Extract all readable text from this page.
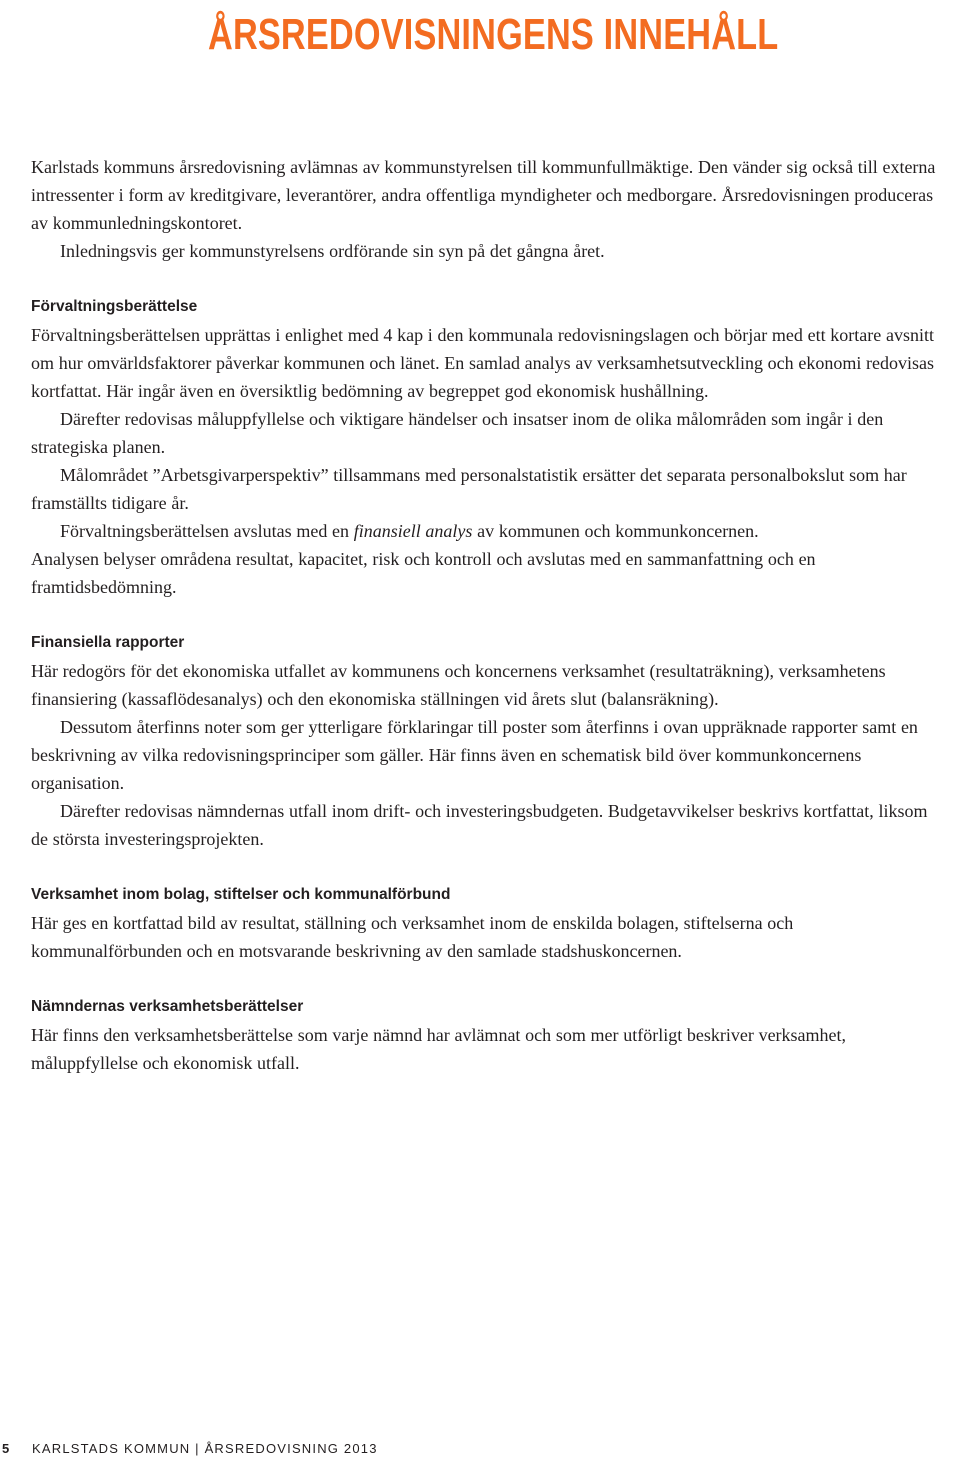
ÅRSREDOVISNINGENS INNEHÅLL

Karlstads kommuns årsredovisning avlämnas av kommunstyrelsen till kommunfullmäktige. Den vänder sig också till externa intressenter i form av kreditgivare, leverantörer, andra offentliga myndigheter och medborgare. Årsredovisningen produceras av kommunledningskontoret.

Inledningsvis ger kommunstyrelsens ordförande sin syn på det gångna året.

Förvaltningsberättelse

Förvaltningsberättelsen upprättas i enlighet med 4 kap i den kommunala redovisningslagen och börjar med ett kortare avsnitt om hur omvärldsfaktorer påverkar kommunen och länet. En samlad analys av verksamhetsutveckling och ekonomi redovisas kortfattat. Här ingår även en översiktlig bedömning av begreppet god ekonomisk hushållning.

Därefter redovisas måluppfyllelse och viktigare händelser och insatser inom de olika målområden som ingår i den strategiska planen.

Målområdet ”Arbetsgivarperspektiv” tillsammans med personalstatistik ersätter det separata personalbokslut som har framställts tidigare år.

Förvaltningsberättelsen avslutas med en finansiell analys av kommunen och kommunkoncernen.

Analysen belyser områdena resultat, kapacitet, risk och kontroll och avslutas med en sammanfattning och en framtidsbedömning.

Finansiella rapporter

Här redogörs för det ekonomiska utfallet av kommunens och koncernens verksamhet (resultaträkning), verksamhetens finansiering (kassaflödesanalys) och den ekonomiska ställningen vid årets slut (balansräkning).

Dessutom återfinns noter som ger ytterligare förklaringar till poster som återfinns i ovan uppräknade rapporter samt en beskrivning av vilka redovisningsprinciper som gäller. Här finns även en schematisk bild över kommunkoncernens organisation.

Därefter redovisas nämndernas utfall inom drift- och investeringsbudgeten. Budgetavvikelser beskrivs kortfattat, liksom de största investeringsprojekten.

Verksamhet inom bolag, stiftelser och kommunalförbund

Här ges en kortfattad bild av resultat, ställning och verksamhet inom de enskilda bolagen, stiftelserna och kommunalförbunden och en motsvarande beskrivning av den samlade stadshuskoncernen.

Nämndernas verksamhetsberättelser

Här finns den verksamhetsberättelse som varje nämnd har avlämnat och som mer utförligt beskriver verksamhet, måluppfyllelse och ekonomisk utfall.

5 KARLSTADS KOMMUN | ÅRSREDOVISNING 2013
